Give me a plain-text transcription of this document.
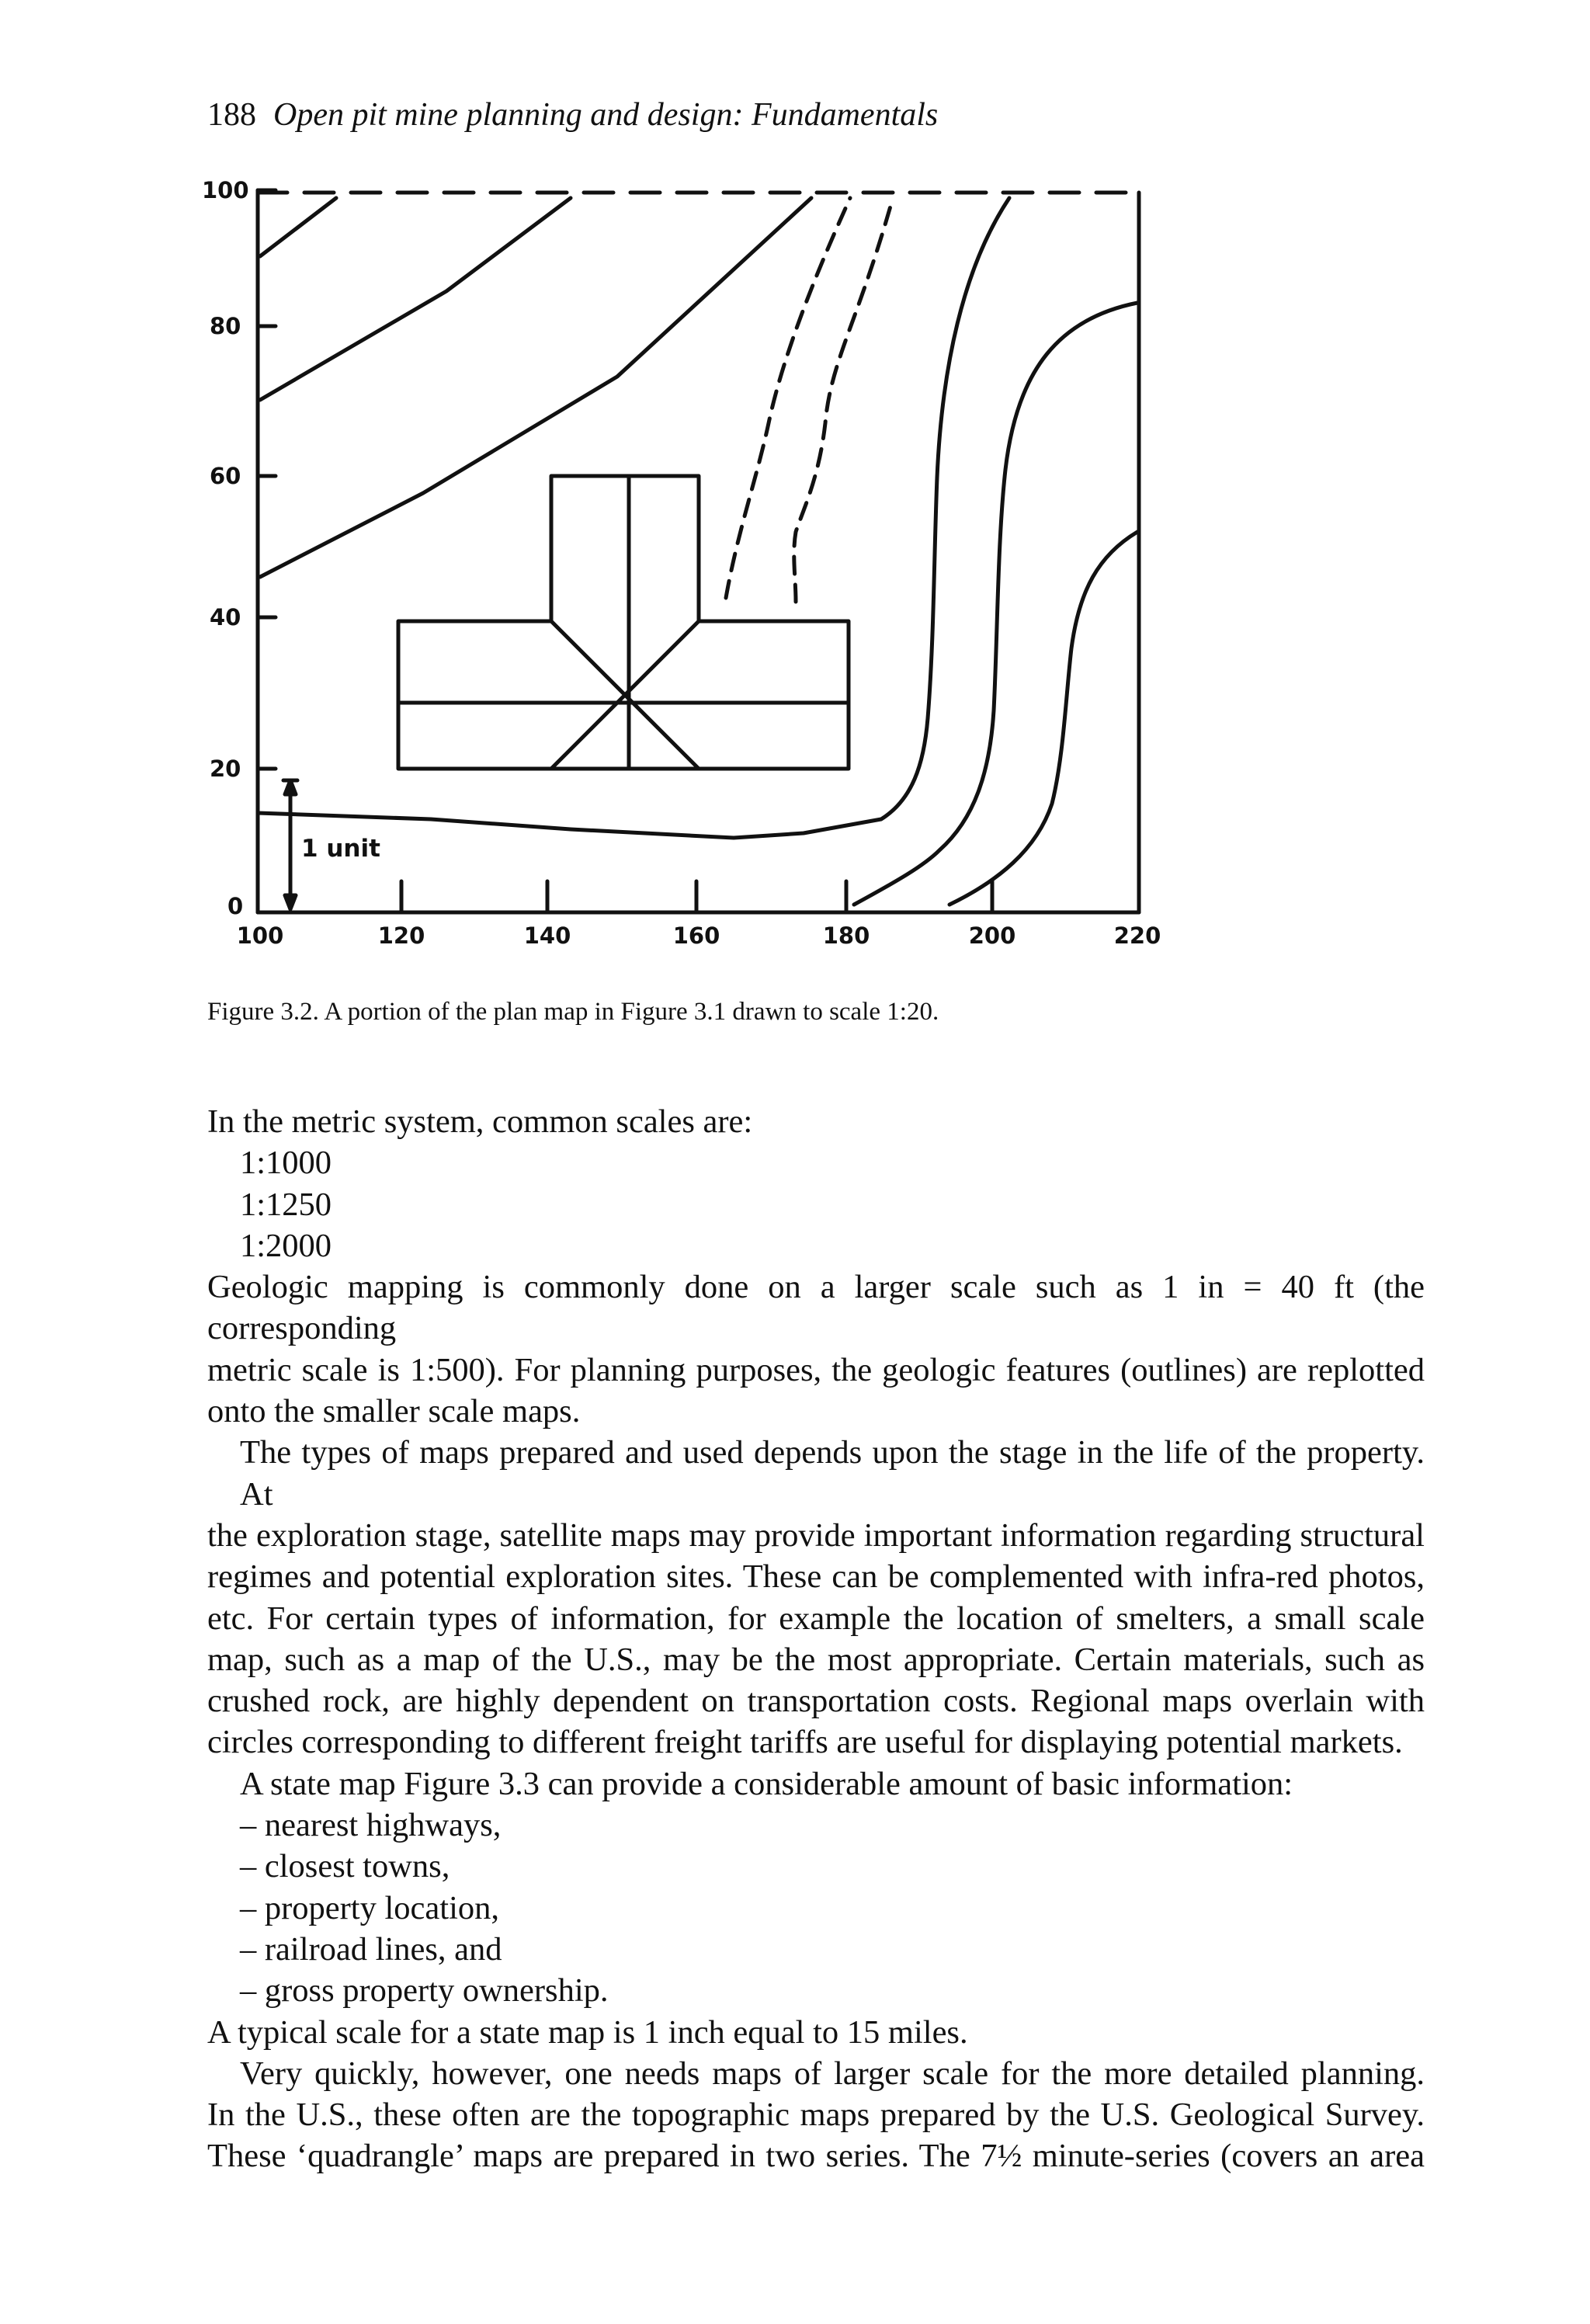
188 Open pit mine planning and design: Fundamentals
100
80
60
40
20
0
100	120	140	160	180	200	220
1 unit
Figure 3.2. A portion of the plan map in Figure 3.1 drawn to scale 1:20.

In the metric system, common scales are:

1:1000

1:1250

1:2000

Geologic mapping is commonly done on a larger scale such as 1 in = 40 ft (the corresponding

metric scale is 1:500). For planning purposes, the geologic features (outlines) are replotted

onto the smaller scale maps.

The types of maps prepared and used depends upon the stage in the life of the property. At

the exploration stage, satellite maps may provide important information regarding structural

regimes and potential exploration sites. These can be complemented with infra-red photos,

etc. For certain types of information, for example the location of smelters, a small scale

map, such as a map of the U.S., may be the most appropriate. Certain materials, such as

crushed rock, are highly dependent on transportation costs. Regional maps overlain with

circles corresponding to different freight tariffs are useful for displaying potential markets.

A state map Figure 3.3 can provide a considerable amount of basic information:

– nearest highways,

– closest towns,

– property location,

– railroad lines, and

– gross property ownership.

A typical scale for a state map is 1 inch equal to 15 miles.

Very quickly, however, one needs maps of larger scale for the more detailed planning.

In the U.S., these often are the topographic maps prepared by the U.S. Geological Survey.

These ‘quadrangle’ maps are prepared in two series. The 7½ minute-series (covers an area
